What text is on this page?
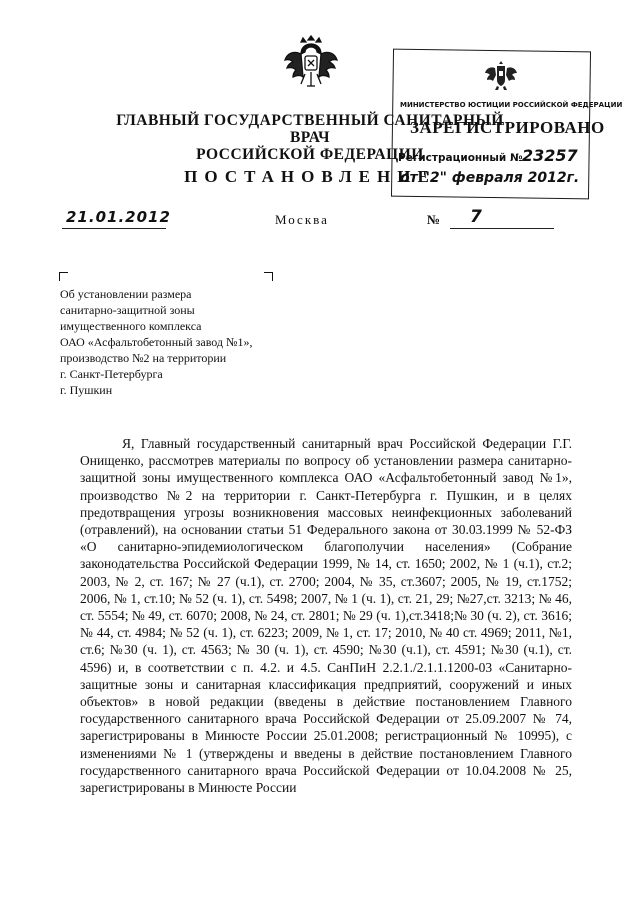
ГЛАВНЫЙ ГОСУДАРСТВЕННЫЙ САНИТАРНЫЙ ВРАЧ
РОССИЙСКОЙ ФЕДЕРАЦИИ
ПОСТАНОВЛЕНИЕ
21.01.2012	Москва	№ 7
Об установлении размера
санитарно-защитной зоны
имущественного комплекса
ОАО «Асфальтобетонный завод №1»,
производство №2 на территории
г. Санкт-Петербурга
г. Пушкин

Я, Главный государственный санитарный врач Российской Федерации Г.Г. Онищенко, рассмотрев материалы по вопросу об установлении размера санитарно-защитной зоны имущественного комплекса ОАО «Асфальтобетонный завод №1», производство №2 на территории г. Санкт-Петербурга г. Пушкин, и в целях предотвращения угрозы возникновения массовых неинфекционных заболеваний (отравлений), на основании статьи 51 Федерального закона от 30.03.1999 № 52-ФЗ «О санитарно-эпидемиологическом благополучии населения» (Собрание законодательства Российской Федерации 1999, № 14, ст. 1650; 2002, № 1 (ч.1), ст.2; 2003, № 2, ст. 167; № 27 (ч.1), ст. 2700; 2004, № 35, ст.3607; 2005, № 19, ст.1752; 2006, № 1, ст.10; № 52 (ч. 1), ст. 5498; 2007, № 1 (ч. 1), ст. 21, 29; №27,ст. 3213; № 46, ст. 5554; № 49, ст. 6070; 2008, № 24, ст. 2801; № 29 (ч. 1),ст.3418;№ 30 (ч. 2), ст. 3616; № 44, ст. 4984; № 52 (ч. 1), ст. 6223; 2009, № 1, ст. 17; 2010, № 40 ст. 4969; 2011, №1, ст.6; №30 (ч. 1), ст. 4563; № 30 (ч. 1), ст. 4590; №30 (ч.1), ст. 4591; №30 (ч.1), ст. 4596) и, в соответствии с п. 4.2. и 4.5. СанПиН 2.2.1./2.1.1.1200-03 «Санитарно-защитные зоны и санитарная классификация предприятий, сооружений и иных объектов» в новой редакции (введены в действие постановлением Главного государственного санитарного врача Российской Федерации от 25.09.2007 № 74, зарегистрированы в Минюсте России 25.01.2008; регистрационный № 10995), с изменениями № 1 (утверждены и введены в действие постановлением Главного государственного санитарного врача Российской Федерации от 10.04.2008 № 25, зарегистрированы в Минюсте России

МИНИСТЕРСТВО ЮСТИЦИИ РОССИЙСКОЙ ФЕДЕРАЦИИ
ЗАРЕГИСТРИРОВАНО
Регистрационный № 23257
от "2" февраля 2012г.
